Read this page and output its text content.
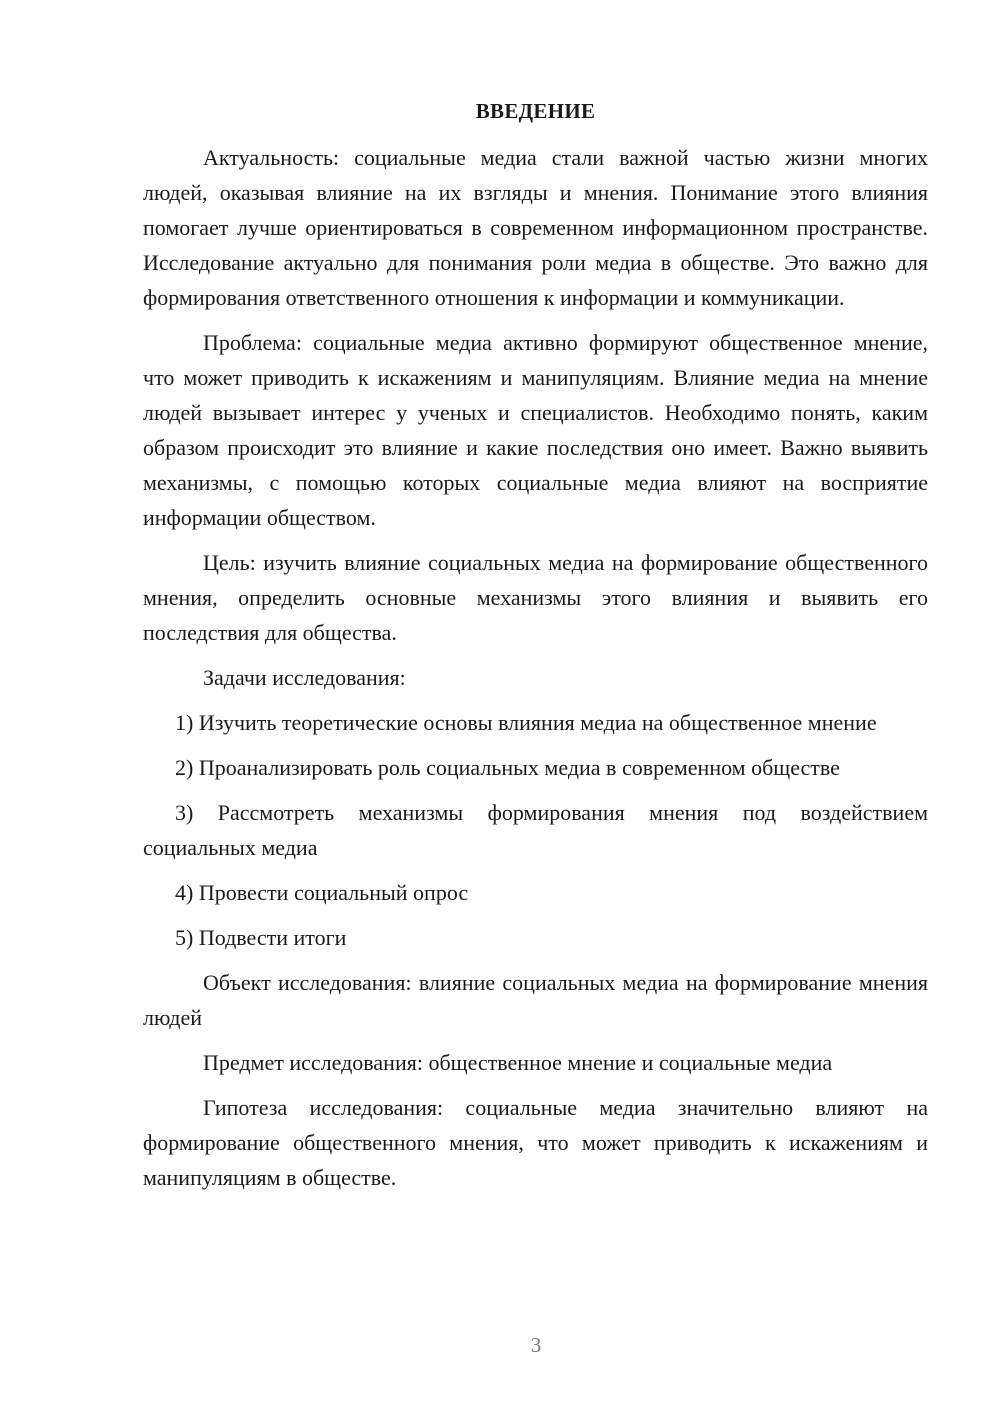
ВВЕДЕНИЕ

Актуальность: социальные медиа стали важной частью жизни многих людей, оказывая влияние на их взгляды и мнения. Понимание этого влияния помогает лучше ориентироваться в современном информационном пространстве. Исследование актуально для понимания роли медиа в обществе. Это важно для формирования ответственного отношения к информации и коммуникации.

Проблема: социальные медиа активно формируют общественное мнение, что может приводить к искажениям и манипуляциям. Влияние медиа на мнение людей вызывает интерес у ученых и специалистов. Необходимо понять, каким образом происходит это влияние и какие последствия оно имеет. Важно выявить механизмы, с помощью которых социальные медиа влияют на восприятие информации обществом.

Цель: изучить влияние социальных медиа на формирование общественного мнения, определить основные механизмы этого влияния и выявить его последствия для общества.

Задачи исследования:

1) Изучить теоретические основы влияния медиа на общественное мнение

2) Проанализировать роль социальных медиа в современном обществе

3) Рассмотреть механизмы формирования мнения под воздействием социальных медиа

4) Провести социальный опрос

5) Подвести итоги

Объект исследования: влияние социальных медиа на формирование мнения людей

Предмет исследования: общественное мнение и социальные медиа

Гипотеза исследования: социальные медиа значительно влияют на формирование общественного мнения, что может приводить к искажениям и манипуляциям в обществе.

3
